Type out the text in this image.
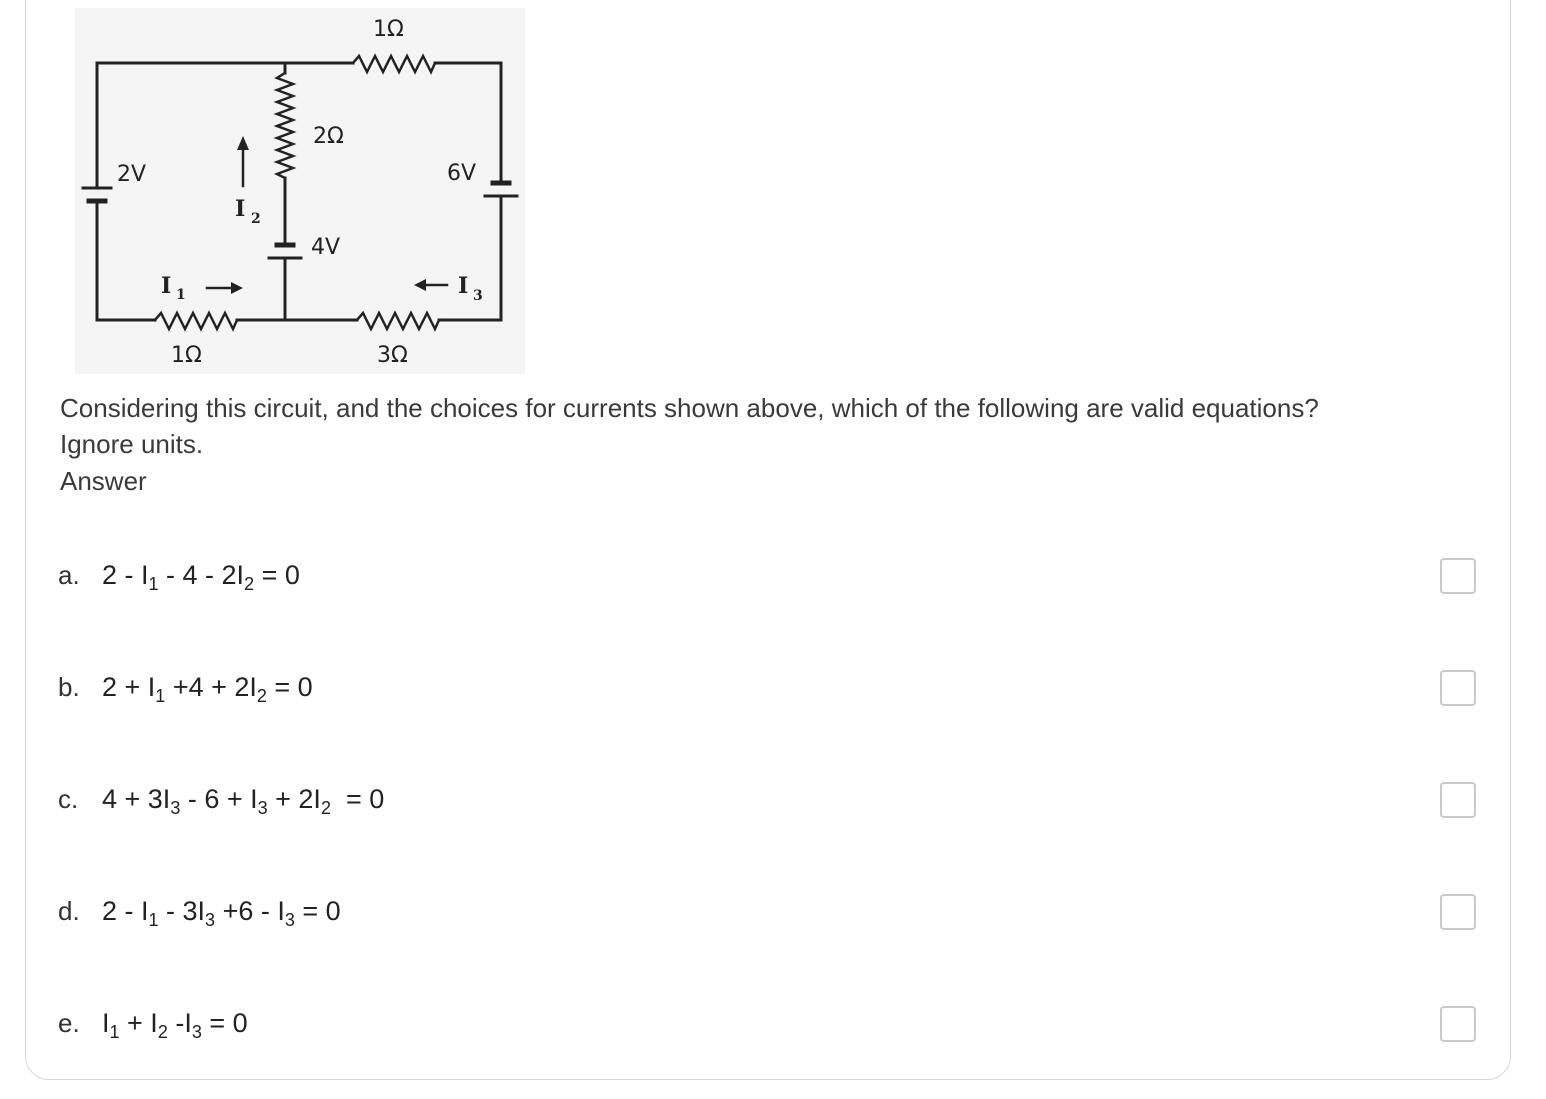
1Ω
2Ω
2V	6V
4V
1Ω	3Ω
I 2
I 1	I 3
Considering this circuit, and the choices for currents shown above, which of the following are valid equations? Ignore units.
Answer
a. $2 - I_1 - 4 - 2I_2 = 0$
b. $2 + I_1 +4 + 2I_2 = 0$
c. $4 + 3I_3 - 6 + I_3 + 2I_2 = 0$
d. $2 - I_1 - 3I_3 +6 - I_3 = 0$
e. $I_1 + I_2$ $-I_3 = 0$
